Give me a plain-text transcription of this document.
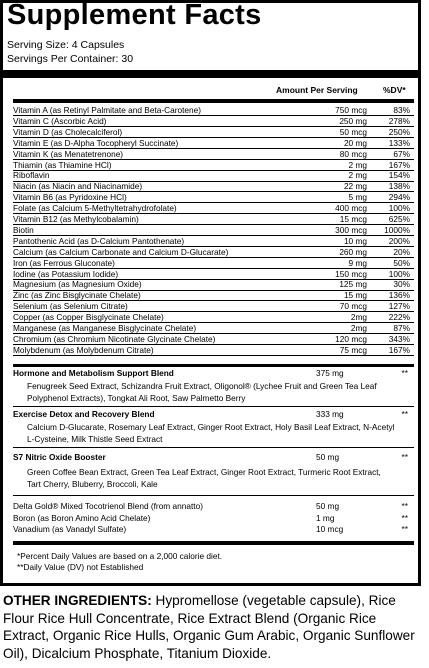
Supplement Facts
Serving Size: 4 Capsules
Servings Per Container: 30
Amount Per Serving	%DV*
Vitamin A (as Retinyl Palmitate and Beta-Carotene)	750 mcg	83%
Vitamin C (Ascorbic Acid)	250 mg	278%
Vitamin D (as Cholecalciferol)	50 mcg	250%
Vitamin E (as D-Alpha Tocopheryl Succinate)	20 mg	133%
Vitamin K (as Menatetrenone)	80 mcg	67%
Thiamin (as Thiamine HCl)	2 mg	167%
Riboflavin	2 mg	154%
Niacin (as Niacin and Niacinamide)	22 mg	138%
Vitamin B6 (as Pyridoxine HCl)	5 mg	294%
Folate (as Calcium 5-Methyltetrahydrofolate)	400 mcg	100%
Vitamin B12 (as Methylcobalamin)	15 mcg	625%
Biotin	300 mcg	1000%
Pantothenic Acid (as D-Calcium Pantothenate)	10 mg	200%
Calcium (as Calcium Carbonate and Calcium D-Glucarate)	260 mg	20%
Iron (as Ferrous Gluconate)	9 mg	50%
Iodine (as Potassium Iodide)	150 mcg	100%
Magnesium (as Magnesium Oxide)	125 mg	30%
Zinc (as Zinc Bisglycinate Chelate)	15 mg	136%
Selenium (as Selenium Citrate)	70 mcg	127%
Copper (as Copper Bisglycinate Chelate)	2mg	222%
Manganese (as Manganese Bisglycinate Chelate)	2mg	87%
Chromium (as Chromium Nicotinate Glycinate Chelate)	120 mcg	343%
Molybdenum (as Molybdenum Citrate)	75 mcg	167%
Hormone and Metabolism Support Blend	375 mg	**
Fenugreek Seed Extract, Schizandra Fruit Extract, Oligonol® (Lychee Fruit and Green Tea Leaf Polyphenol Extracts), Tongkat Ali Root, Saw Palmetto Berry
Exercise Detox and Recovery Blend	333 mg	**
Calcium D-Glucarate, Rosemary Leaf Extract, Ginger Root Extract, Holy Basil Leaf Extract, N-Acetyl L-Cysteine, Milk Thistle Seed Extract
S7 Nitric Oxide Booster	50 mg	**
Green Coffee Bean Extract, Green Tea Leaf Extract, Ginger Root Extract, Turmeric Root Extract, Tart Cherry, Bluberry, Broccoli, Kale
Delta Gold® Mixed Tocotrienol Blend (from annatto)	50 mg	**
Boron (as Boron Amino Acid Chelate)	1 mg	**
Vanadium (as Vanadyl Sulfate)	10 mcg	**
*Percent Daily Values are based on a 2,000 calorie diet.
**Daily Value (DV) not Established
OTHER INGREDIENTS: Hypromellose (vegetable capsule), Rice Flour Rice Hull Concentrate, Rice Extract Blend (Organic Rice Extract, Organic Rice Hulls, Organic Gum Arabic, Organic Sunflower Oil), Dicalcium Phosphate, Titanium Dioxide.
